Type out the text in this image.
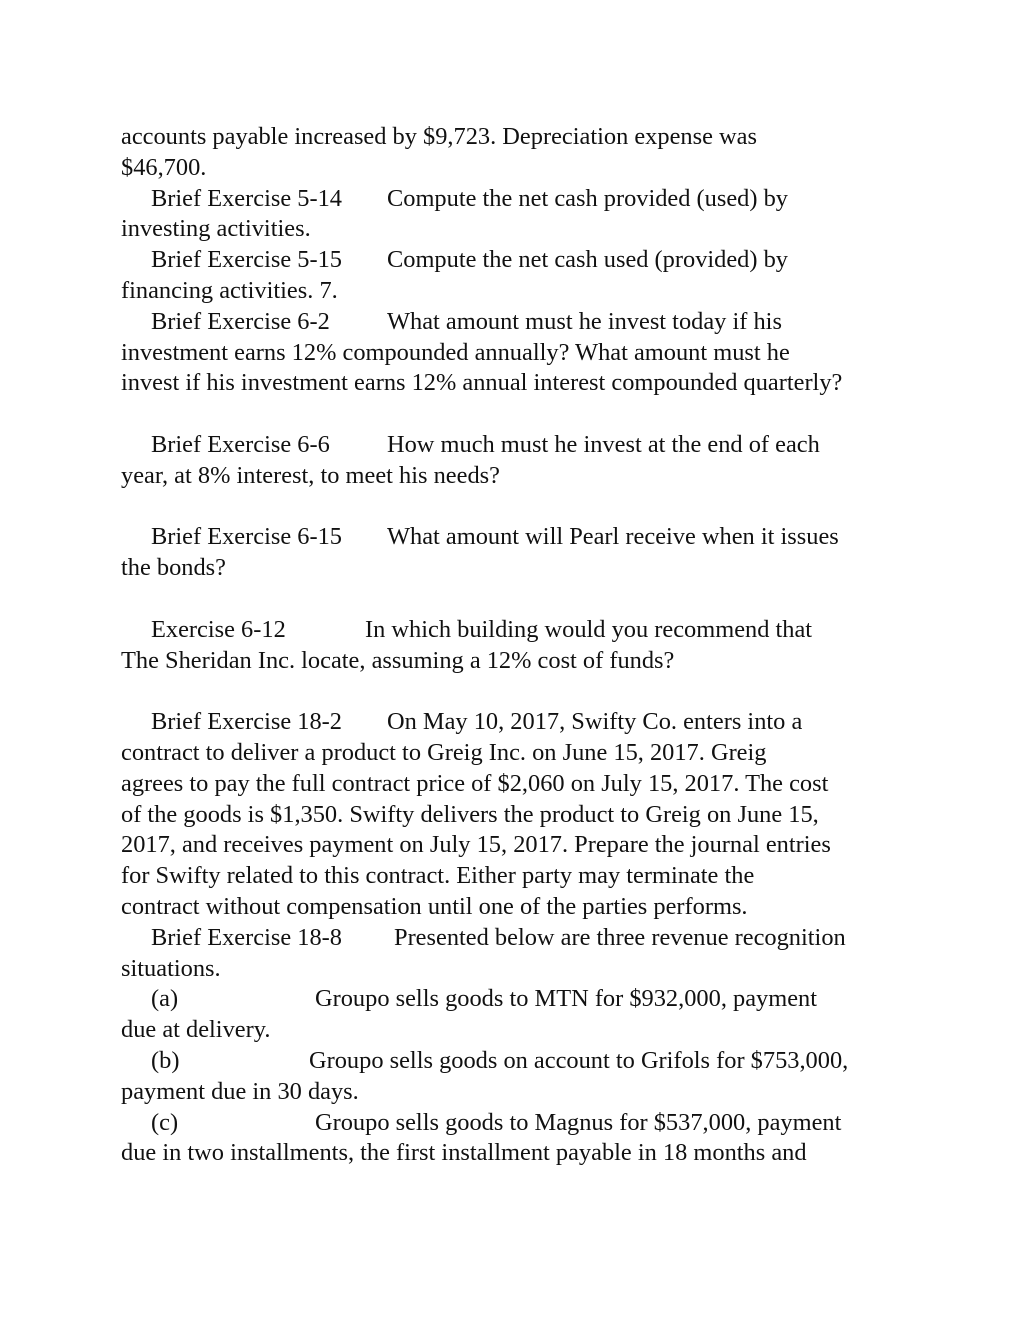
accounts payable increased by $9,723. Depreciation expense was
$46,700.
Brief Exercise 5-14 Compute the net cash provided (used) by
investing activities.
Brief Exercise 5-15 Compute the net cash used (provided) by
financing activities. 7.
Brief Exercise 6-2 What amount must he invest today if his
investment earns 12% compounded annually? What amount must he
invest if his investment earns 12% annual interest compounded quarterly?
Brief Exercise 6-6 How much must he invest at the end of each
year, at 8% interest, to meet his needs?
Brief Exercise 6-15 What amount will Pearl receive when it issues
the bonds?
Exercise 6-12	In which building would you recommend that
The Sheridan Inc. locate, assuming a 12% cost of funds?
Brief Exercise 18-2 On May 10, 2017, Swifty Co. enters into a
contract to deliver a product to Greig Inc. on June 15, 2017. Greig
agrees to pay the full contract price of $2,060 on July 15, 2017. The cost
of the goods is $1,350. Swifty delivers the product to Greig on June 15,
2017, and receives payment on July 15, 2017. Prepare the journal entries
for Swifty related to this contract. Either party may terminate the
contract without compensation until one of the parties performs.
Brief Exercise 18-8 Presented below are three revenue recognition
situations.
(a)	Groupo sells goods to MTN for $932,000, payment
due at delivery.
(b)	Groupo sells goods on account to Grifols for $753,000,
payment due in 30 days.
(c)	Groupo sells goods to Magnus for $537,000, payment
due in two installments, the first installment payable in 18 months and
